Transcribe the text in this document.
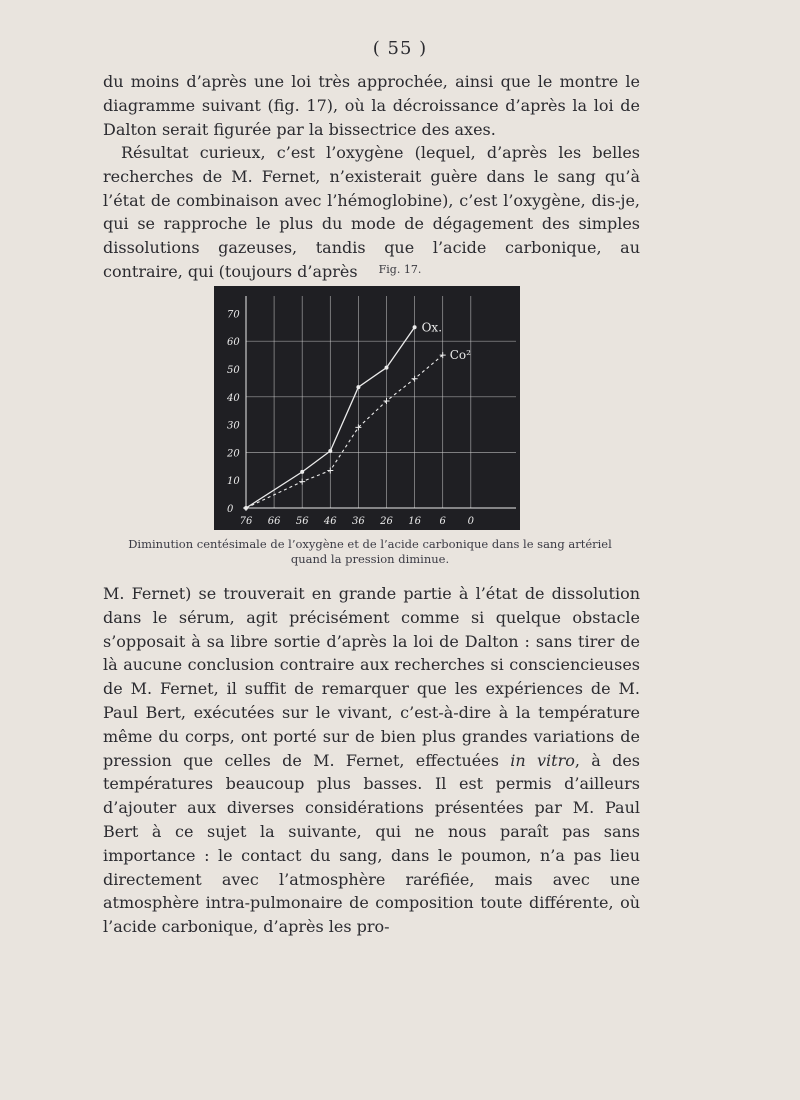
( 55 )

du moins d’après une loi très approchée, ainsi que le montre le diagramme suivant (fig. 17), où la décroissance d’après la loi de Dalton serait figurée par la bissectrice des axes.

Résultat curieux, c’est l’oxygène (lequel, d’après les belles recherches de M. Fernet, n’existerait guère dans le sang qu’à l’état de combinaison avec l’hémoglobine), c’est l’oxygène, dis-je, qui se rapproche le plus du mode de dégagement des simples dissolutions gazeuses, tandis que l’acide carbonique, au contraire, qui (toujours d’après	Fig. 17.
0
10
20
30
40
50
60
70
76 66 56 46 36 26 16 6 0
Ox.
Co²
Diminution centésimale de l’oxygène et de l’acide carbonique dans le sang artériel
quand la pression diminue.

M. Fernet) se trouverait en grande partie à l’état de dissolution dans le sérum, agit précisément comme si quelque obstacle s’opposait à sa libre sortie d’après la loi de Dalton : sans tirer de là aucune conclusion contraire aux recherches si consciencieuses de M. Fernet, il suffit de remarquer que les expériences de M. Paul Bert, exécutées sur le vivant, c’est-à-dire à la température même du corps, ont porté sur de bien plus grandes variations de pression que celles de M. Fernet, effectuées in vitro, à des températures beaucoup plus basses. Il est permis d’ailleurs d’ajouter aux diverses considérations présentées par M. Paul Bert à ce sujet la suivante, qui ne nous paraît pas sans importance : le contact du sang, dans le poumon, n’a pas lieu directement avec l’atmosphère raréfiée, mais avec une atmosphère intra-pulmonaire de composition toute différente, où l’acide carbonique, d’après les pro-
